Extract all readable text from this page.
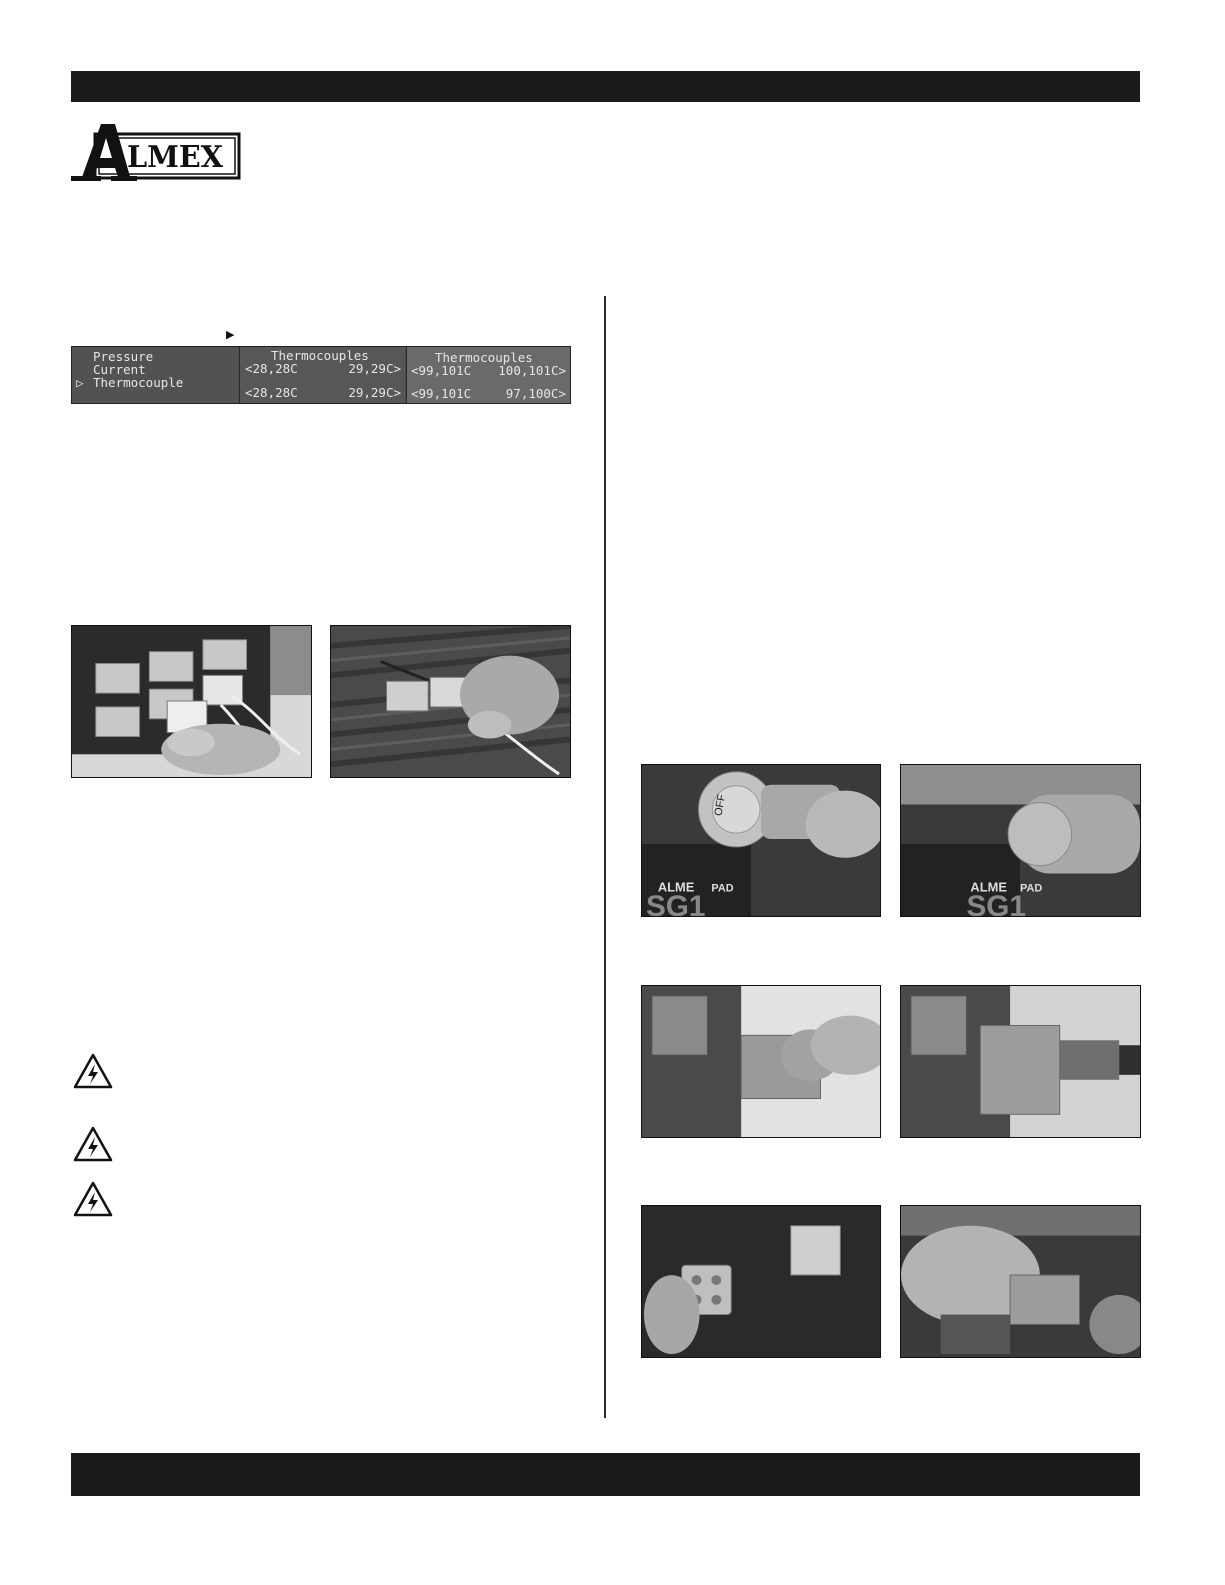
LMEX
▶
Pressure
Current
▷ Thermocouple
Thermocouples
<28,28C	29,29C>
<28,28C	29,29C>
Thermocouples
<99,101C 100,101C>
<99,101C	97,100C>
OFF
ALME PAD
SG1
ALME PAD
SG1
